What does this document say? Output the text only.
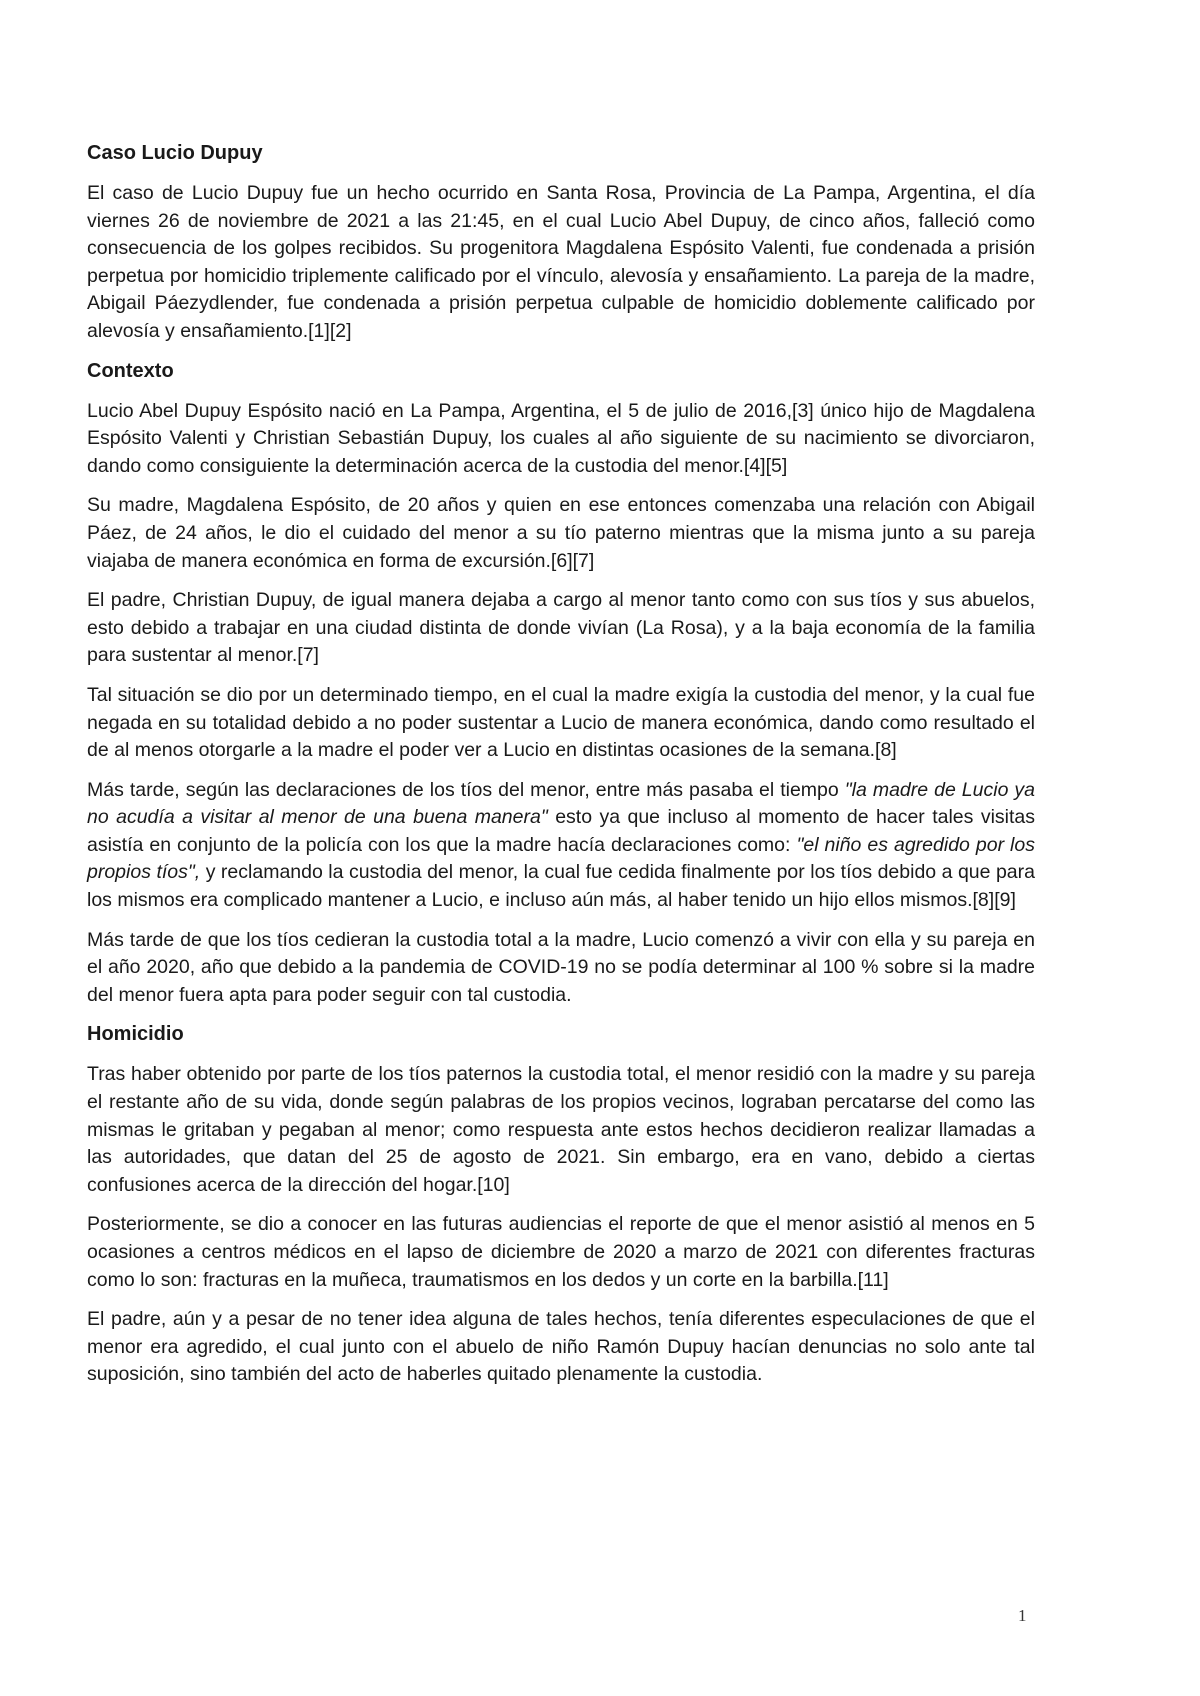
Caso Lucio Dupuy

El caso de Lucio Dupuy fue un hecho ocurrido en Santa Rosa, Provincia de La Pampa, Argentina, el día viernes 26 de noviembre de 2021 a las 21:45, en el cual Lucio Abel Dupuy, de cinco años, falleció como consecuencia de los golpes recibidos. Su progenitora Magdalena Espósito Valenti, fue condenada a prisión perpetua por homicidio triplemente calificado por el vínculo, alevosía y ensañamiento. La pareja de la madre, Abigail Páezydlender, fue condenada a prisión perpetua culpable de homicidio doblemente calificado por alevosía y ensañamiento.[1][2]

Contexto

Lucio Abel Dupuy Espósito nació en La Pampa, Argentina, el 5 de julio de 2016,[3] único hijo de Magdalena Espósito Valenti y Christian Sebastián Dupuy, los cuales al año siguiente de su nacimiento se divorciaron, dando como consiguiente la determinación acerca de la custodia del menor.[4][5]

Su madre, Magdalena Espósito, de 20 años y quien en ese entonces comenzaba una relación con Abigail Páez, de 24 años, le dio el cuidado del menor a su tío paterno mientras que la misma junto a su pareja viajaba de manera económica en forma de excursión.[6][7]

El padre, Christian Dupuy, de igual manera dejaba a cargo al menor tanto como con sus tíos y sus abuelos, esto debido a trabajar en una ciudad distinta de donde vivían (La Rosa), y a la baja economía de la familia para sustentar al menor.[7]

Tal situación se dio por un determinado tiempo, en el cual la madre exigía la custodia del menor, y la cual fue negada en su totalidad debido a no poder sustentar a Lucio de manera económica, dando como resultado el de al menos otorgarle a la madre el poder ver a Lucio en distintas ocasiones de la semana.[8]

Más tarde, según las declaraciones de los tíos del menor, entre más pasaba el tiempo "la madre de Lucio ya no acudía a visitar al menor de una buena manera" esto ya que incluso al momento de hacer tales visitas asistía en conjunto de la policía con los que la madre hacía declaraciones como: "el niño es agredido por los propios tíos", y reclamando la custodia del menor, la cual fue cedida finalmente por los tíos debido a que para los mismos era complicado mantener a Lucio, e incluso aún más, al haber tenido un hijo ellos mismos.[8][9]

Más tarde de que los tíos cedieran la custodia total a la madre, Lucio comenzó a vivir con ella y su pareja en el año 2020, año que debido a la pandemia de COVID-19 no se podía determinar al 100 % sobre si la madre del menor fuera apta para poder seguir con tal custodia.

Homicidio

Tras haber obtenido por parte de los tíos paternos la custodia total, el menor residió con la madre y su pareja el restante año de su vida, donde según palabras de los propios vecinos, lograban percatarse del como las mismas le gritaban y pegaban al menor; como respuesta ante estos hechos decidieron realizar llamadas a las autoridades, que datan del 25 de agosto de 2021. Sin embargo, era en vano, debido a ciertas confusiones acerca de la dirección del hogar.[10]

Posteriormente, se dio a conocer en las futuras audiencias el reporte de que el menor asistió al menos en 5 ocasiones a centros médicos en el lapso de diciembre de 2020 a marzo de 2021 con diferentes fracturas como lo son: fracturas en la muñeca, traumatismos en los dedos y un corte en la barbilla.[11]

El padre, aún y a pesar de no tener idea alguna de tales hechos, tenía diferentes especulaciones de que el menor era agredido, el cual junto con el abuelo de niño Ramón Dupuy hacían denuncias no solo ante tal suposición, sino también del acto de haberles quitado plenamente la custodia.

1
